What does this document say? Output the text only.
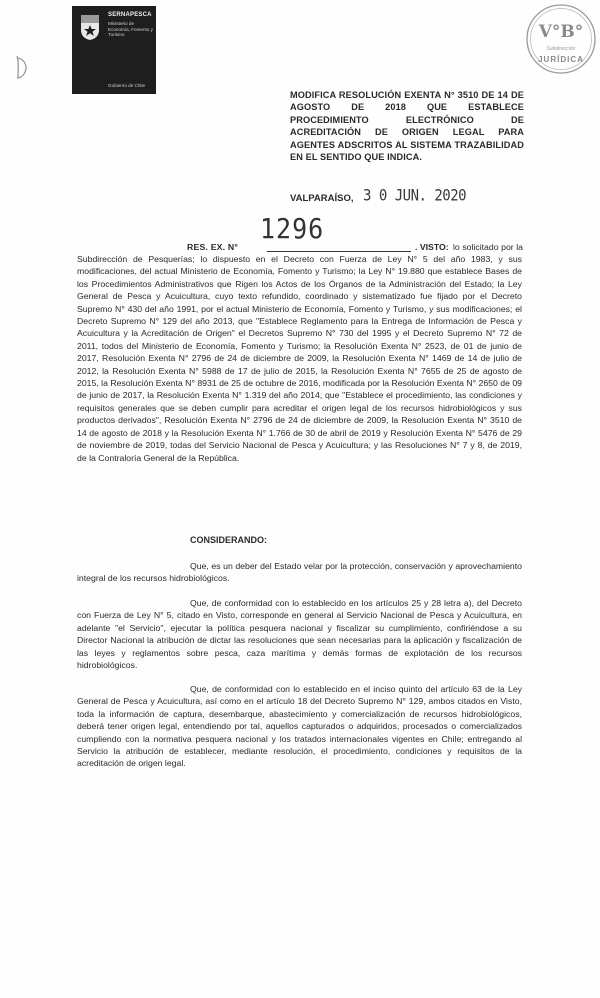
SERNAPESCA
Ministerio de Economía, Fomento y Turismo
Gobierno de Chile
V°B°
Subdirección
JURÍDICA
MODIFICA RESOLUCIÓN EXENTA N° 3510 DE 14 DE AGOSTO DE 2018 QUE ESTABLECE PROCEDIMIENTO ELECTRÓNICO DE ACREDITACIÓN DE ORIGEN LEGAL PARA AGENTES ADSCRITOS AL SISTEMA TRAZABILIDAD EN EL SENTIDO QUE INDICA.
VALPARAÍSO, 3 0 JUN. 2020
1296
RES. EX. N°	. VISTO: lo solicitado por la
Subdirección de Pesquerías; lo dispuesto en el Decreto con Fuerza de Ley N° 5 del año 1983, y sus modificaciones, del actual Ministerio de Economía, Fomento y Turismo; la Ley N° 19.880 que establece Bases de los Procedimientos Administrativos que Rigen los Actos de los Órganos de la Administración del Estado; la Ley General de Pesca y Acuicultura, cuyo texto refundido, coordinado y sistematizado fue fijado por el Decreto Supremo N° 430 del año 1991, por el actual Ministerio de Economía, Fomento y Turismo, y sus modificaciones; el Decreto Supremo N° 129 del año 2013, que "Establece Reglamento para la Entrega de Información de Pesca y Acuicultura y la Acreditación de Origen" el Decretos Supremo N° 730 del 1995 y el Decreto Supremo N° 72 de 2011, todos del Ministerio de Economía, Fomento y Turismo; la Resolución Exenta N° 2523, de 01 de junio de 2017, Resolución Exenta N° 2796 de 24 de diciembre de 2009, la Resolución Exenta N° 1469 de 14 de julio de 2012, la Resolución Exenta N° 5988 de 17 de julio de 2015, la Resolución Exenta N° 7655 de 25 de agosto de 2015, la Resolución Exenta N° 8931 de 25 de octubre de 2016, modificada por la Resolución Exenta N° 2650 de 09 de junio de 2017, la Resolución Exenta N° 1.319 del año 2014, que "Establece el procedimiento, las condiciones y requisitos generales que se deben cumplir para acreditar el origen legal de los recursos hidrobiológicos y sus productos derivados", Resolución Exenta N° 2796 de 24 de diciembre de 2009, la Resolución Exenta N° 3510 de 14 de agosto de 2018 y la Resolución Exenta N° 1.766 de 30 de abril de 2019 y Resolución Exenta N° 5476 de 29 de noviembre de 2019, todas del Servicio Nacional de Pesca y Acuicultura; y las Resoluciones N° 7 y 8, de 2019, de la Contraloría General de la República.
CONSIDERANDO:
Que, es un deber del Estado velar por la protección, conservación y aprovechamiento integral de los recursos hidrobiológicos.
Que, de conformidad con lo establecido en los artículos 25 y 28 letra a), del Decreto con Fuerza de Ley N° 5, citado en Visto, corresponde en general al Servicio Nacional de Pesca y Acuicultura, en adelante "el Servicio", ejecutar la política pesquera nacional y fiscalizar su cumplimiento, confiriéndose a su Director Nacional la atribución de dictar las resoluciones que sean necesarias para la aplicación y fiscalización de las leyes y reglamentos sobre pesca, caza marítima y demás formas de explotación de los recursos hidrobiológicos.
Que, de conformidad con lo establecido en el inciso quinto del artículo 63 de la Ley General de Pesca y Acuicultura, así como en el artículo 18 del Decreto Supremo N° 129, ambos citados en Visto, toda la información de captura, desembarque, abastecimiento y comercialización de recursos hidrobiológicos, deberá tener origen legal, entendiendo por tal, aquellos capturados o adquiridos, procesados o comercializados cumpliendo con la normativa pesquera nacional y los tratados internacionales vigentes en Chile; entregando al Servicio la atribución de establecer, mediante resolución, el procedimiento, condiciones y requisitos de la acreditación de origen legal.
